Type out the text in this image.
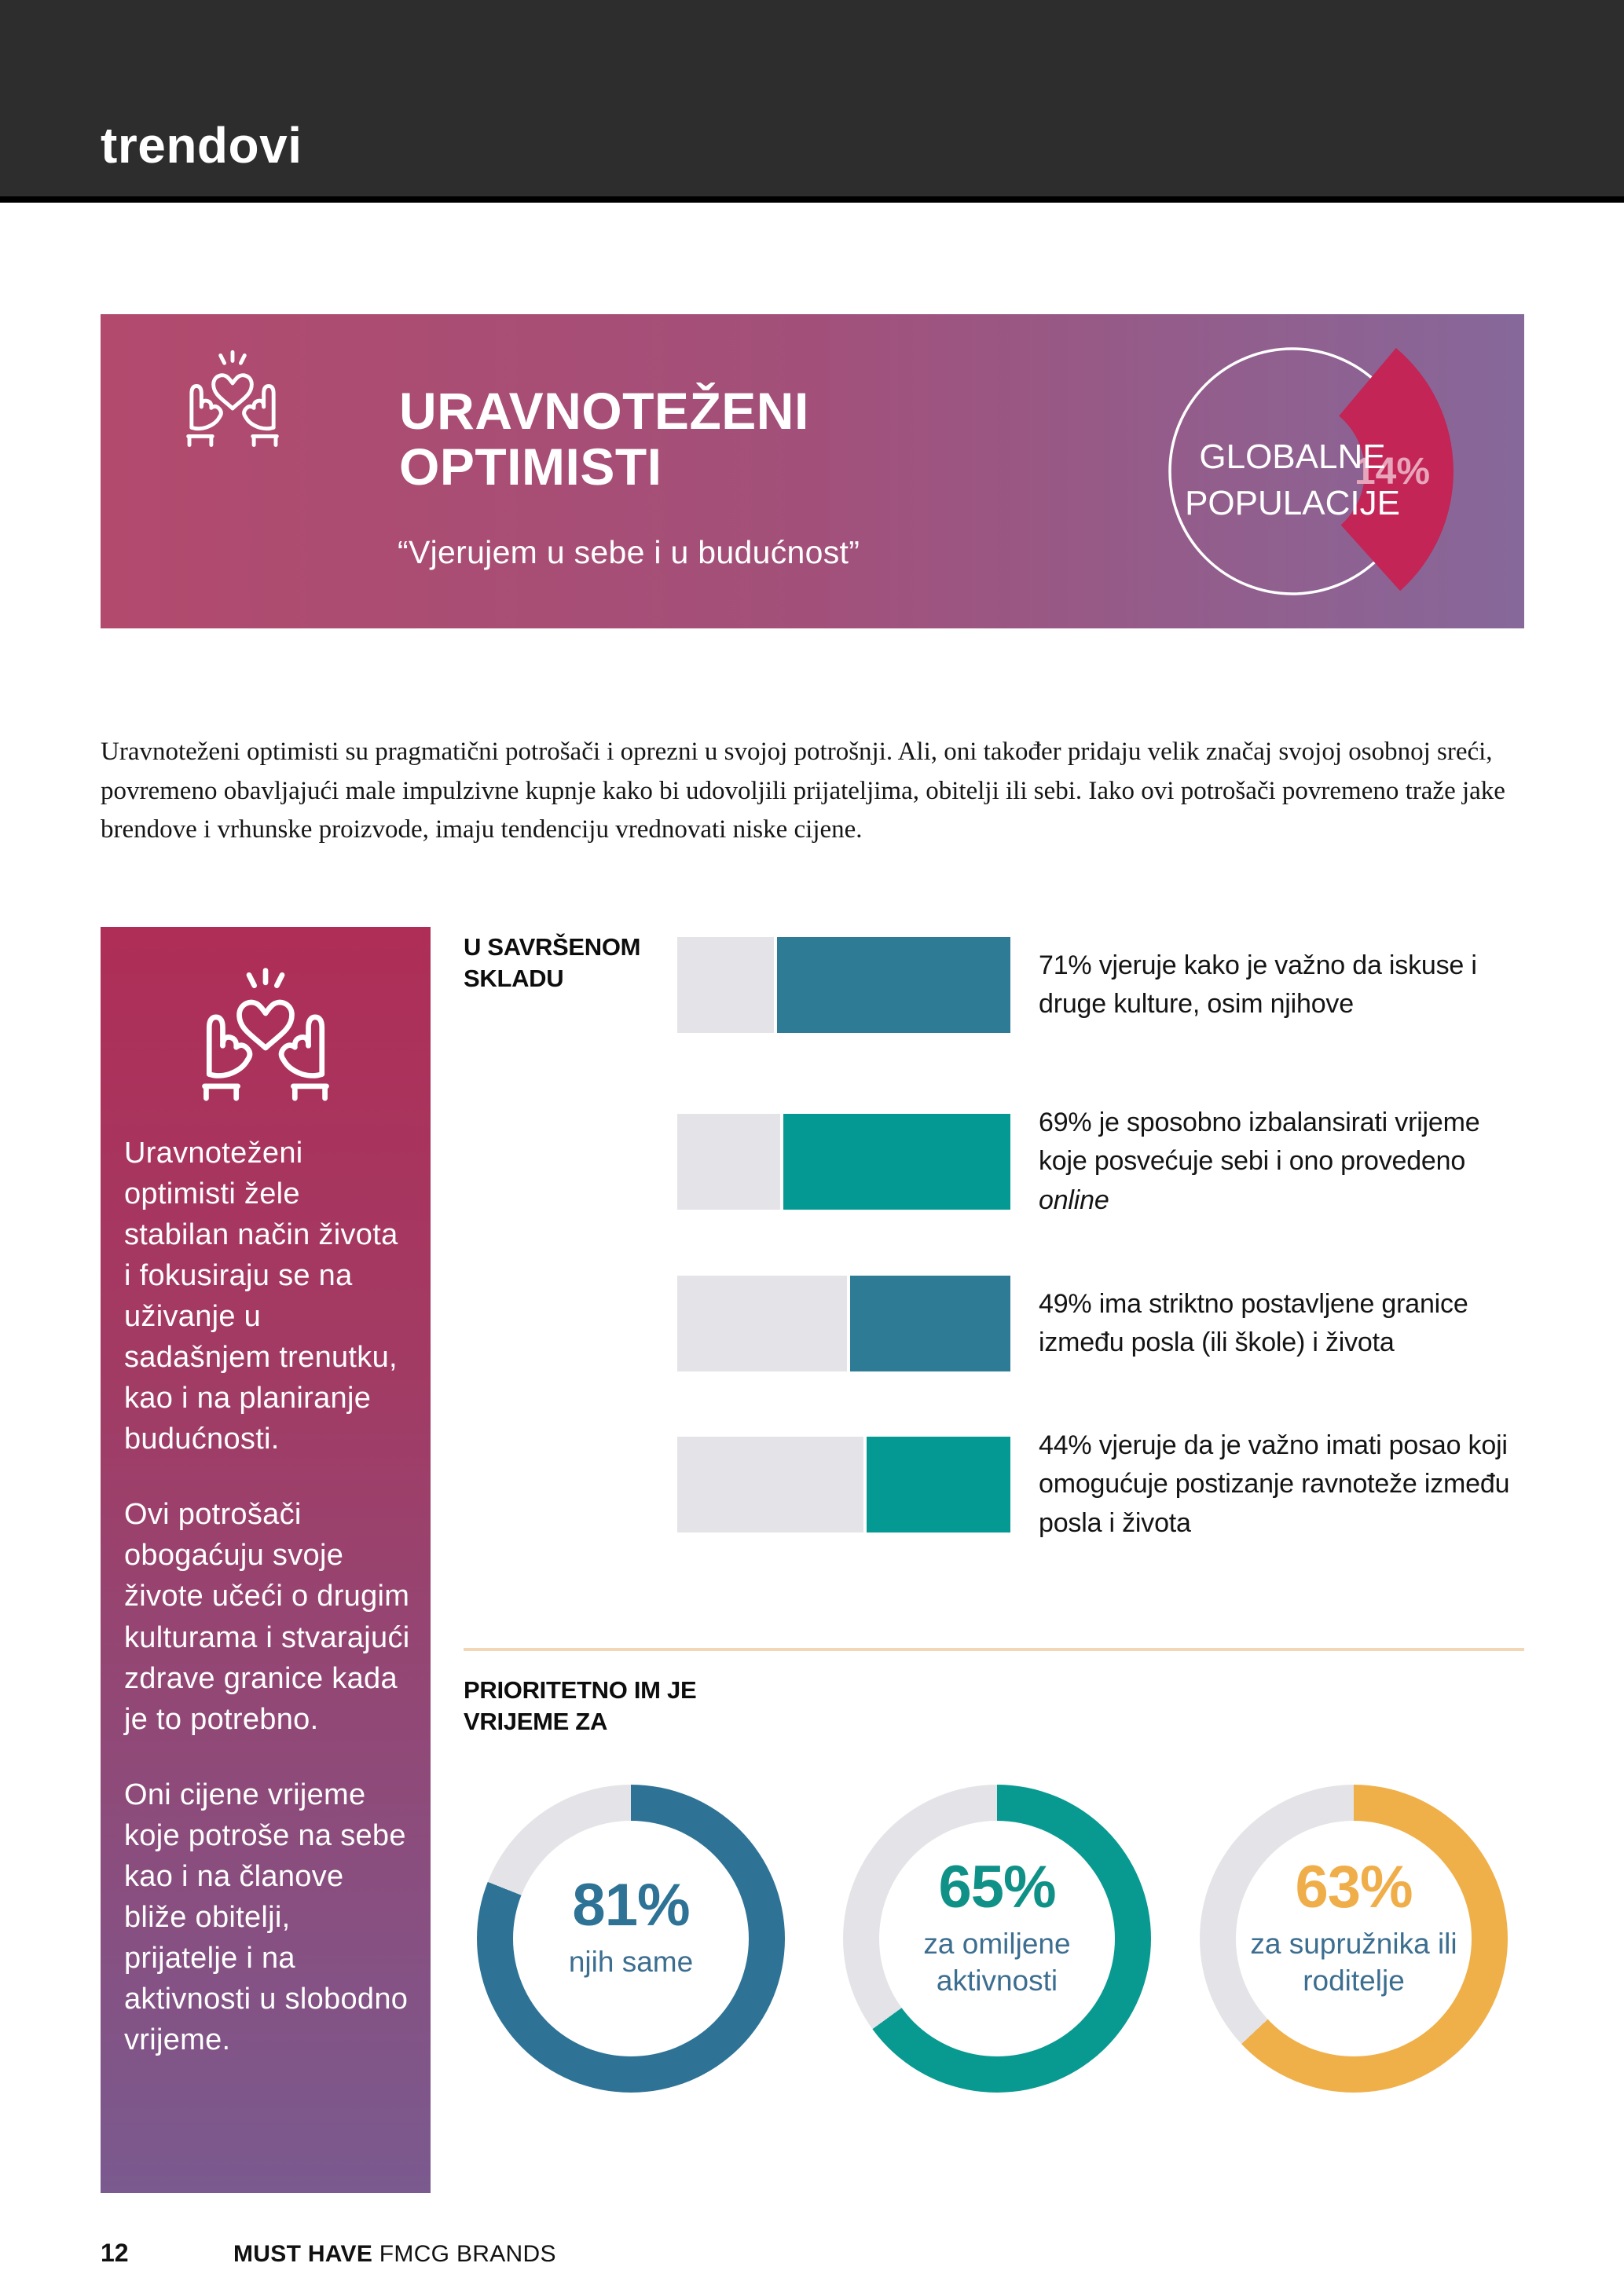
trendovi
URAVNOTEŽENI
OPTIMISTI
“Vjerujem u sebe i u budućnost”
14%
GLOBALNE
POPULACIJE

Uravnoteženi optimisti su pragmatični potrošači i oprezni u svojoj potrošnji. Ali, oni također pridaju velik značaj svojoj osobnoj sreći, povremeno obavljajući male impulzivne kupnje kako bi udovoljili prijateljima, obitelji ili sebi. Iako ovi potrošači povremeno traže jake brendove i vrhunske proizvode, imaju tendenciju vrednovati niske cijene.

Uravnoteženi optimisti žele stabilan način života i fokusiraju se na uživanje u sadašnjem trenutku, kao i na planiranje budućnosti.

Ovi potrošači obogaćuju svoje živote učeći o drugim kulturama i stvarajući zdrave granice kada je to potrebno.

Oni cijene vrijeme koje potroše na sebe kao i na članove bliže obitelji, prijatelje i na aktivnosti u slobodno vrijeme.

U SAVRŠENOM
SKLADU	71% vjeruje kako je važno da iskuse i druge kulture, osim njihove
69% je sposobno izbalansirati vrijeme koje posvećuje sebi i ono provedeno online
49% ima striktno postavljene granice između posla (ili škole) i života
44% vjeruje da je važno imati posao koji omogućuje postizanje ravnoteže između posla i života
PRIORITETNO IM JE
VRIJEME ZA
81%
njih same
65%
za omiljene aktivnosti
63%
za supružnika ili roditelje
12	MUST HAVE FMCG BRANDS
